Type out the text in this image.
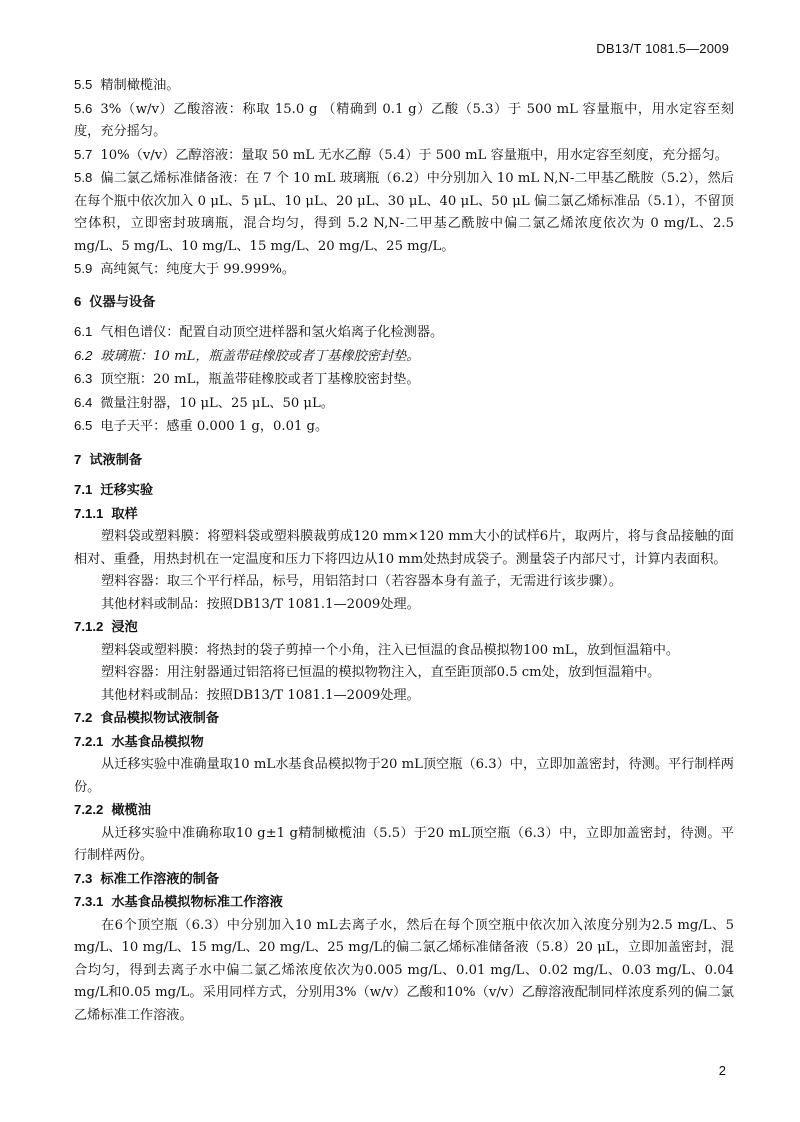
DB13/T 1081.5—2009

5.5 精制橄榄油。

5.6 3%（w/v）乙酸溶液：称取 15.0 g （精确到 0.1 g）乙酸（5.3）于 500 mL 容量瓶中，用水定容至刻度，充分摇匀。

5.7 10%（v/v）乙醇溶液：量取 50 mL 无水乙醇（5.4）于 500 mL 容量瓶中，用水定容至刻度，充分摇匀。

5.8 偏二氯乙烯标准储备液：在 7 个 10 mL 玻璃瓶（6.2）中分别加入 10 mL N,N-二甲基乙酰胺（5.2），然后在每个瓶中依次加入 0 μL、5 μL、10 μL、20 μL、30 μL、40 μL、50 μL 偏二氯乙烯标准品（5.1），不留顶空体积，立即密封玻璃瓶，混合均匀，得到 5.2 N,N-二甲基乙酰胺中偏二氯乙烯浓度依次为 0 mg/L、2.5 mg/L、5 mg/L、10 mg/L、15 mg/L、20 mg/L、25 mg/L。

5.9 高纯氮气：纯度大于 99.999%。

6 仪器与设备

6.1 气相色谱仪：配置自动顶空进样器和氢火焰离子化检测器。

6.2 玻璃瓶：10 mL，瓶盖带硅橡胶或者丁基橡胶密封垫。

6.3 顶空瓶：20 mL，瓶盖带硅橡胶或者丁基橡胶密封垫。

6.4 微量注射器，10 μL、25 μL、50 μL。

6.5 电子天平：感重 0.000 1 g，0.01 g。

7 试液制备

7.1 迁移实验

7.1.1 取样

塑料袋或塑料膜：将塑料袋或塑料膜裁剪成120 mm×120 mm大小的试样6片，取两片，将与食品接触的面相对、重叠，用热封机在一定温度和压力下将四边从10 mm处热封成袋子。测量袋子内部尺寸，计算内表面积。

塑料容器：取三个平行样品，标号，用铝箔封口（若容器本身有盖子，无需进行该步骤）。

其他材料或制品：按照DB13/T 1081.1—2009处理。

7.1.2 浸泡

塑料袋或塑料膜：将热封的袋子剪掉一个小角，注入已恒温的食品模拟物100 mL，放到恒温箱中。

塑料容器：用注射器通过铝箔将已恒温的模拟物物注入，直至距顶部0.5 cm处，放到恒温箱中。

其他材料或制品：按照DB13/T 1081.1—2009处理。

7.2 食品模拟物试液制备

7.2.1 水基食品模拟物

从迁移实验中准确量取10 mL水基食品模拟物于20 mL顶空瓶（6.3）中，立即加盖密封，待测。平行制样两份。

7.2.2 橄榄油

从迁移实验中准确称取10 g±1 g精制橄榄油（5.5）于20 mL顶空瓶（6.3）中，立即加盖密封，待测。平行制样两份。

7.3 标准工作溶液的制备

7.3.1 水基食品模拟物标准工作溶液

在6个顶空瓶（6.3）中分别加入10 mL去离子水，然后在每个顶空瓶中依次加入浓度分别为2.5 mg/L、5 mg/L、10 mg/L、15 mg/L、20 mg/L、25 mg/L的偏二氯乙烯标准储备液（5.8）20 μL，立即加盖密封，混合均匀，得到去离子水中偏二氯乙烯浓度依次为0.005 mg/L、0.01 mg/L、0.02 mg/L、0.03 mg/L、0.04 mg/L和0.05 mg/L。采用同样方式，分别用3%（w/v）乙酸和10%（v/v）乙醇溶液配制同样浓度系列的偏二氯乙烯标准工作溶液。

2
